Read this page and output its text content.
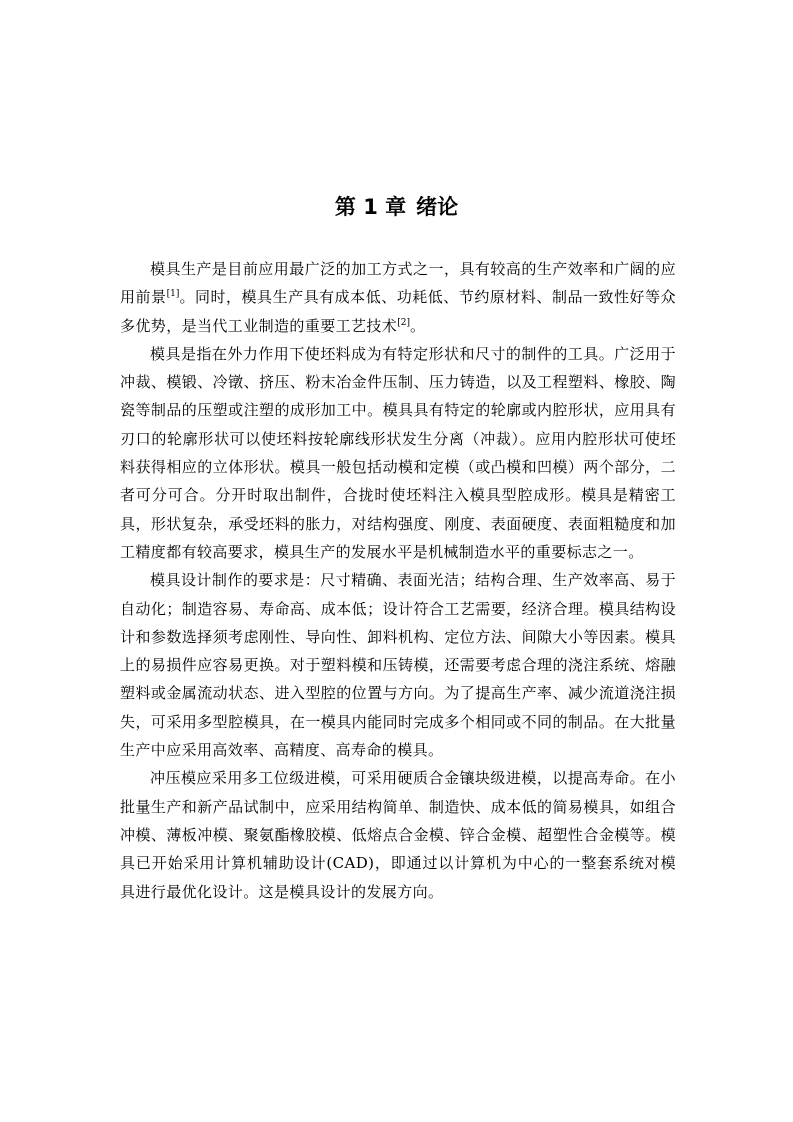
第 1 章 绪论

模具生产是目前应用最广泛的加工方式之一，具有较高的生产效率和广阔的应用前景[1]。同时，模具生产具有成本低、功耗低、节约原材料、制品一致性好等众多优势，是当代工业制造的重要工艺技术[2]。

模具是指在外力作用下使坯料成为有特定形状和尺寸的制件的工具。广泛用于冲裁、模锻、冷镦、挤压、粉末冶金件压制、压力铸造，以及工程塑料、橡胶、陶瓷等制品的压塑或注塑的成形加工中。模具具有特定的轮廓或内腔形状，应用具有刃口的轮廓形状可以使坯料按轮廓线形状发生分离（冲裁）。应用内腔形状可使坯料获得相应的立体形状。模具一般包括动模和定模（或凸模和凹模）两个部分，二者可分可合。分开时取出制件，合拢时使坯料注入模具型腔成形。模具是精密工具，形状复杂，承受坯料的胀力，对结构强度、刚度、表面硬度、表面粗糙度和加工精度都有较高要求，模具生产的发展水平是机械制造水平的重要标志之一。

模具设计制作的要求是：尺寸精确、表面光洁；结构合理、生产效率高、易于自动化；制造容易、寿命高、成本低；设计符合工艺需要，经济合理。模具结构设计和参数选择须考虑刚性、导向性、卸料机构、定位方法、间隙大小等因素。模具上的易损件应容易更换。对于塑料模和压铸模，还需要考虑合理的浇注系统、熔融塑料或金属流动状态、进入型腔的位置与方向。为了提高生产率、减少流道浇注损失，可采用多型腔模具，在一模具内能同时完成多个相同或不同的制品。在大批量生产中应采用高效率、高精度、高寿命的模具。

冲压模应采用多工位级进模，可采用硬质合金镶块级进模，以提高寿命。在小批量生产和新产品试制中，应采用结构简单、制造快、成本低的简易模具，如组合冲模、薄板冲模、聚氨酯橡胶模、低熔点合金模、锌合金模、超塑性合金模等。模具已开始采用计算机辅助设计(CAD)，即通过以计算机为中心的一整套系统对模具进行最优化设计。这是模具设计的发展方向。
